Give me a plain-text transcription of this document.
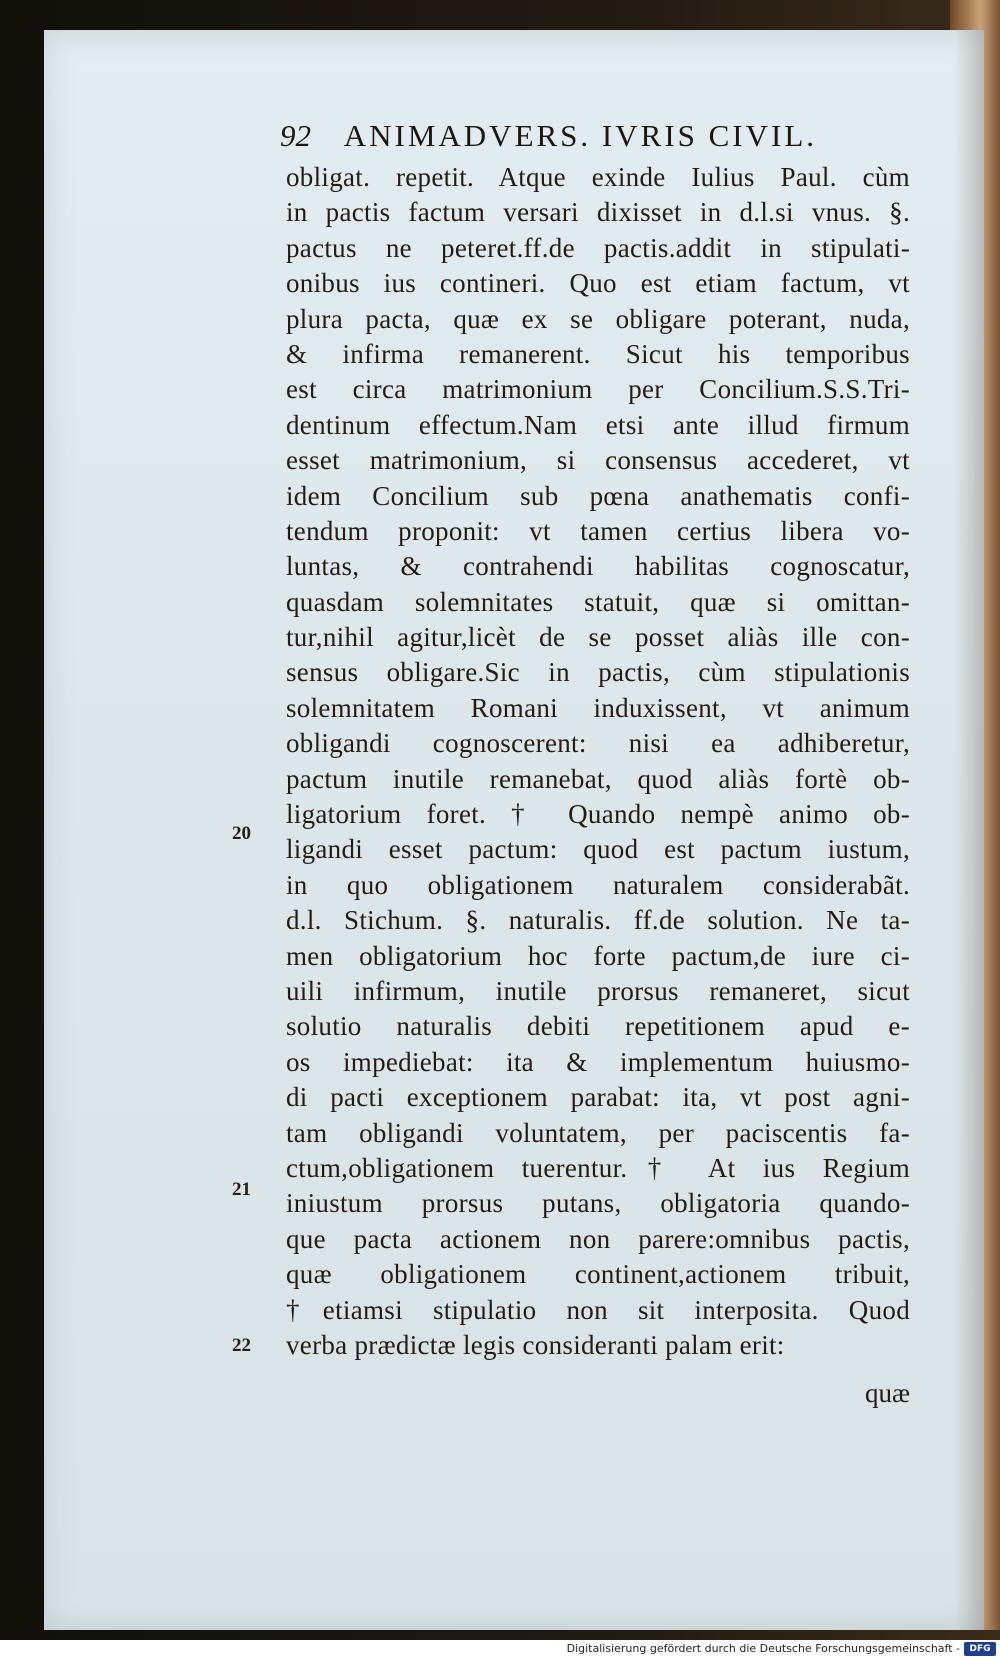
92 ANIMADVERS. IVRIS CIVIL.
obligat. repetit. Atque exinde Iulius Paul. cùm
in pactis factum versari dixisset in d.l.si vnus. §.
pactus ne peteret.ff.de pactis.addit in stipulati-
onibus ius contineri. Quo est etiam factum, vt
plura pacta, quæ ex se obligare poterant, nuda,
& infirma remanerent. Sicut his temporibus
est circa matrimonium per Concilium.S.S.Tri-
dentinum effectum.Nam etsi ante illud firmum
esset matrimonium, si consensus accederet, vt
idem Concilium sub pœna anathematis confi-
tendum proponit: vt tamen certius libera vo-
luntas, & contrahendi habilitas cognoscatur,
quasdam solemnitates statuit, quæ si omittan-
tur,nihil agitur,licèt de se posset aliàs ille con-
sensus obligare.Sic in pactis, cùm stipulationis
solemnitatem Romani induxissent, vt animum
obligandi cognoscerent: nisi ea adhiberetur,
pactum inutile remanebat, quod aliàs fortè ob-
ligatorium foret. † Quando nempè animo ob-
ligandi esset pactum: quod est pactum iustum,
in quo obligationem naturalem considerabãt.
d.l. Stichum. §. naturalis. ff.de solution. Ne ta-
men obligatorium hoc forte pactum,de iure ci-
uili infirmum, inutile prorsus remaneret, sicut
solutio naturalis debiti repetitionem apud e-
os impediebat: ita & implementum huiusmo-
di pacti exceptionem parabat: ita, vt post agni-
tam obligandi voluntatem, per paciscentis fa-
ctum,obligationem tuerentur.† At ius Regium
iniustum prorsus putans, obligatoria quando-
que pacta actionem non parere:omnibus pactis,
quæ obligationem continent,actionem tribuit,
†etiamsi stipulatio non sit interposita. Quod
verba prædictæ legis consideranti palam erit:
quæ
20
21
22
Digitalisierung gefördert durch die Deutsche Forschungsgemeinschaft -	DFG
